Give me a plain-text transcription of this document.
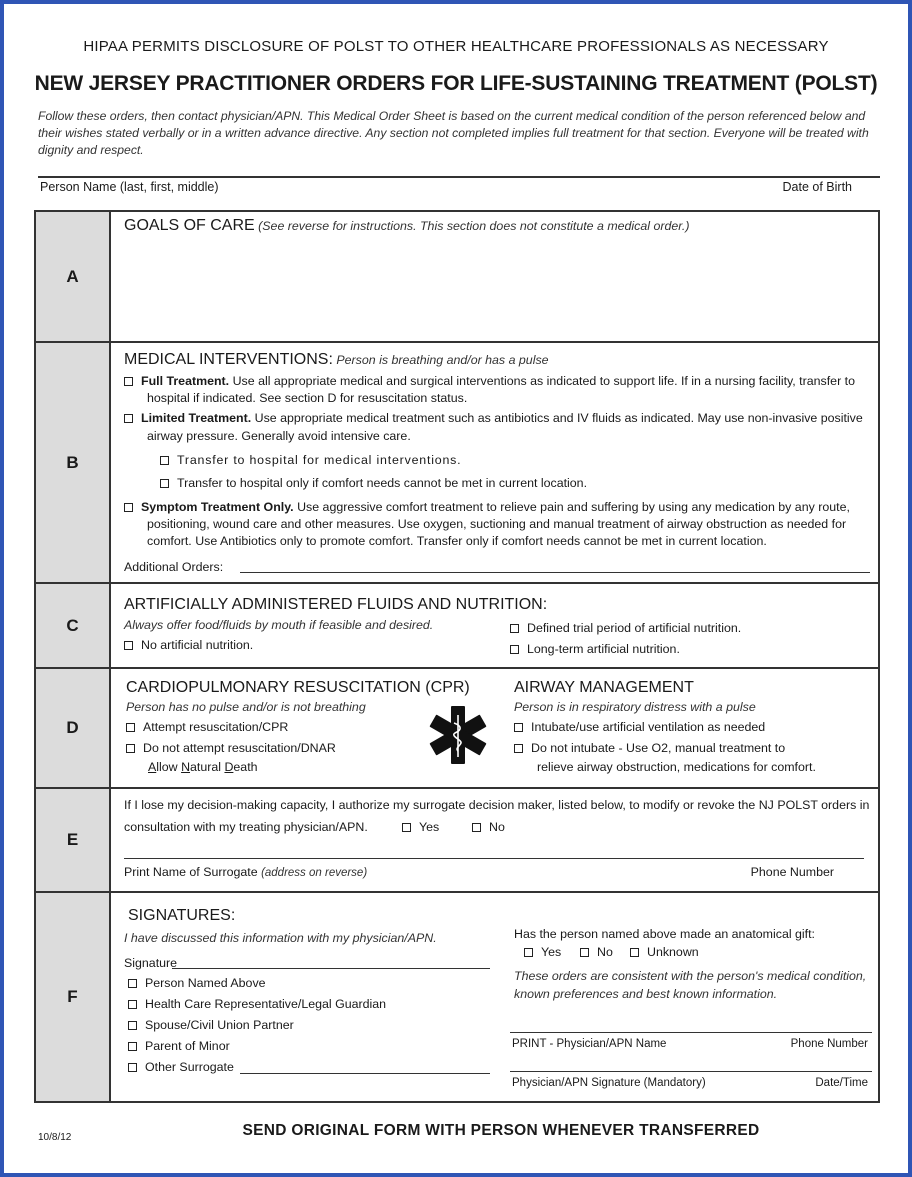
HIPAA PERMITS DISCLOSURE OF POLST TO OTHER HEALTHCARE PROFESSIONALS AS NECESSARY
NEW JERSEY PRACTITIONER ORDERS FOR LIFE-SUSTAINING TREATMENT (POLST)
Follow these orders, then contact physician/APN. This Medical Order Sheet is based on the current medical condition of the person referenced below and their wishes stated verbally or in a written advance directive. Any section not completed implies full treatment for that section. Everyone will be treated with dignity and respect.
Person Name (last, first, middle)	Date of Birth
A
GOALS OF CARE (See reverse for instructions. This section does not constitute a medical order.)
B
MEDICAL INTERVENTIONS: Person is breathing and/or has a pulse
Full Treatment. Use all appropriate medical and surgical interventions as indicated to support life. If in a nursing facility, transfer to
hospital if indicated. See section D for resuscitation status.
Limited Treatment. Use appropriate medical treatment such as antibiotics and IV fluids as indicated. May use non-invasive positive
airway pressure. Generally avoid intensive care.
Transfer to hospital for medical interventions.
Transfer to hospital only if comfort needs cannot be met in current location.
Symptom Treatment Only. Use aggressive comfort treatment to relieve pain and suffering by using any medication by any route,
positioning, wound care and other measures. Use oxygen, suctioning and manual treatment of airway obstruction as needed for
comfort. Use Antibiotics only to promote comfort. Transfer only if comfort needs cannot be met in current location.
Additional Orders:
C
ARTIFICIALLY ADMINISTERED FLUIDS AND NUTRITION:
Always offer food/fluids by mouth if feasible and desired.
No artificial nutrition.
Defined trial period of artificial nutrition.
Long-term artificial nutrition.
D
CARDIOPULMONARY RESUSCITATION (CPR)
Person has no pulse and/or is not breathing
Attempt resuscitation/CPR
Do not attempt resuscitation/DNAR
Allow Natural Death
AIRWAY MANAGEMENT
Person is in respiratory distress with a pulse
Intubate/use artificial ventilation as needed
Do not intubate - Use O2, manual treatment to
relieve airway obstruction, medications for comfort.
E
If I lose my decision-making capacity, I authorize my surrogate decision maker, listed below, to modify or revoke the NJ POLST orders in
consultation with my treating physician/APN.	Yes	No
Print Name of Surrogate (address on reverse)	Phone Number
F
SIGNATURES:
I have discussed this information with my physician/APN.
Signature
Person Named Above
Health Care Representative/Legal Guardian
Spouse/Civil Union Partner
Parent of Minor
Other Surrogate
Has the person named above made an anatomical gift:
Yes	No	Unknown
These orders are consistent with the person's medical condition,
known preferences and best known information.
PRINT - Physician/APN Name	Phone Number
Physician/APN Signature (Mandatory)	Date/Time
10/8/12	SEND ORIGINAL FORM WITH PERSON WHENEVER TRANSFERRED
